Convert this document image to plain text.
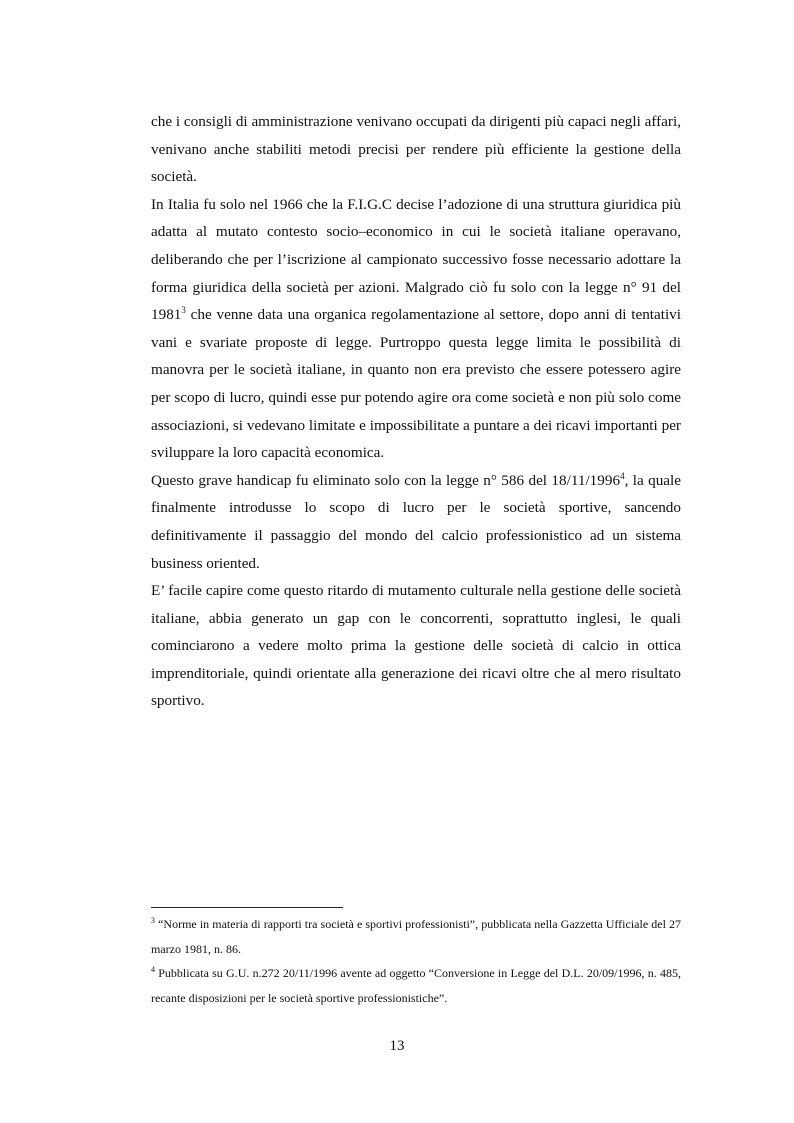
che i consigli di amministrazione venivano occupati da dirigenti più capaci negli affari, venivano anche stabiliti metodi precisi per rendere più efficiente la gestione della società.

In Italia fu solo nel 1966 che la F.I.G.C decise l’adozione di una struttura giuridica più adatta al mutato contesto socio–economico in cui le società italiane operavano, deliberando che per l’iscrizione al campionato successivo fosse necessario adottare la forma giuridica della società per azioni. Malgrado ciò fu solo con la legge n° 91 del 1981$^3$ che venne data una organica regolamentazione al settore, dopo anni di tentativi vani e svariate proposte di legge. Purtroppo questa legge limita le possibilità di manovra per le società italiane, in quanto non era previsto che essere potessero agire per scopo di lucro, quindi esse pur potendo agire ora come società e non più solo come associazioni, si vedevano limitate e impossibilitate a puntare a dei ricavi importanti per sviluppare la loro capacità economica.

Questo grave handicap fu eliminato solo con la legge n° 586 del 18/11/1996$^4$, la quale finalmente introdusse lo scopo di lucro per le società sportive, sancendo definitivamente il passaggio del mondo del calcio professionistico ad un sistema business oriented.

E’ facile capire come questo ritardo di mutamento culturale nella gestione delle società italiane, abbia generato un gap con le concorrenti, soprattutto inglesi, le quali cominciarono a vedere molto prima la gestione delle società di calcio in ottica imprenditoriale, quindi orientate alla generazione dei ricavi oltre che al mero risultato sportivo.

$^3$ “Norme in materia di rapporti tra società e sportivi professionisti”, pubblicata nella Gazzetta Ufficiale del 27 marzo 1981, n. 86.

$^4$ Pubblicata su G.U. n.272 20/11/1996 avente ad oggetto “Conversione in Legge del D.L. 20/09/1996, n. 485, recante disposizioni per le società sportive professionistiche”.

13
